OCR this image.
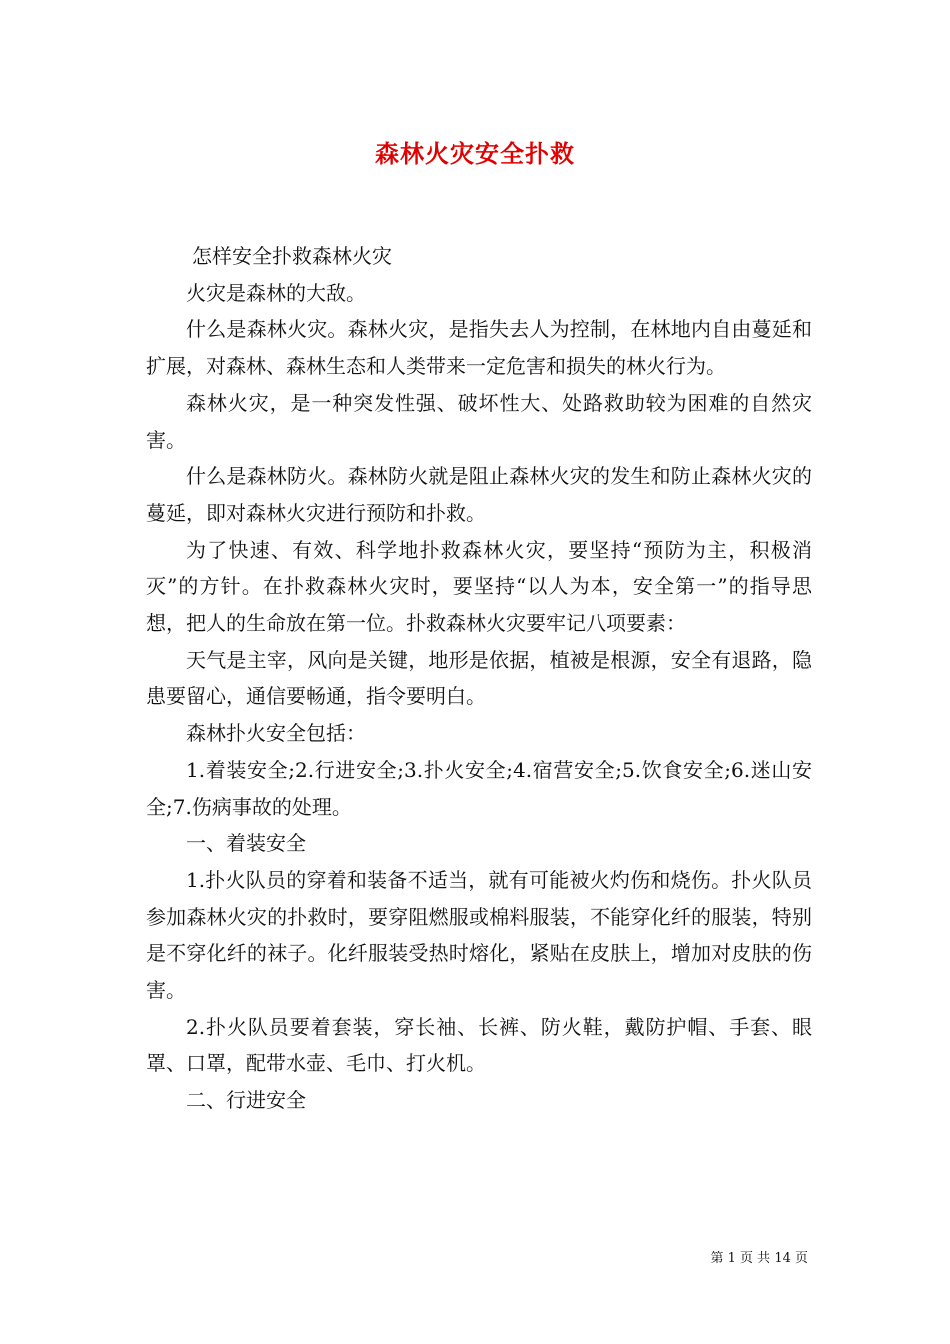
森林火灾安全扑救

怎样安全扑救森林火灾

火灾是森林的大敌。

什么是森林火灾。森林火灾，是指失去人为控制，在林地内自由蔓延和扩展，对森林、森林生态和人类带来一定危害和损失的林火行为。

森林火灾，是一种突发性强、破坏性大、处路救助较为困难的自然灾害。

什么是森林防火。森林防火就是阻止森林火灾的发生和防止森林火灾的蔓延，即对森林火灾进行预防和扑救。

为了快速、有效、科学地扑救森林火灾，要坚持“预防为主，积极消灭”的方针。在扑救森林火灾时，要坚持“以人为本，安全第一”的指导思想，把人的生命放在第一位。扑救森林火灾要牢记八项要素：

天气是主宰，风向是关键，地形是依据，植被是根源，安全有退路，隐患要留心，通信要畅通，指令要明白。

森林扑火安全包括：

1.着装安全;2.行进安全;3.扑火安全;4.宿营安全;5.饮食安全;6.迷山安全;7.伤病事故的处理。

一、着装安全

1.扑火队员的穿着和装备不适当，就有可能被火灼伤和烧伤。扑火队员参加森林火灾的扑救时，要穿阻燃服或棉料服装，不能穿化纤的服装，特别是不穿化纤的袜子。化纤服装受热时熔化，紧贴在皮肤上，增加对皮肤的伤害。

2.扑火队员要着套装，穿长袖、长裤、防火鞋，戴防护帽、手套、眼罩、口罩，配带水壶、毛巾、打火机。

二、行进安全

第 1 页 共 14 页
